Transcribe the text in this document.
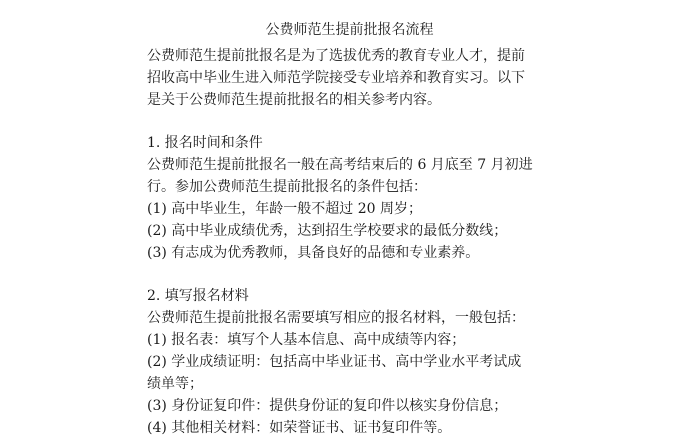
公费师范生提前批报名流程

公费师范生提前批报名是为了选拔优秀的教育专业人才，提前

招收高中毕业生进入师范学院接受专业培养和教育实习。以下

是关于公费师范生提前批报名的相关参考内容。

1. 报名时间和条件

公费师范生提前批报名一般在高考结束后的 6 月底至 7 月初进

行。参加公费师范生提前批报名的条件包括：

(1) 高中毕业生，年龄一般不超过 20 周岁；

(2) 高中毕业成绩优秀，达到招生学校要求的最低分数线；

(3) 有志成为优秀教师，具备良好的品德和专业素养。

2. 填写报名材料

公费师范生提前批报名需要填写相应的报名材料，一般包括：

(1) 报名表：填写个人基本信息、高中成绩等内容；

(2) 学业成绩证明：包括高中毕业证书、高中学业水平考试成

绩单等；

(3) 身份证复印件：提供身份证的复印件以核实身份信息；

(4) 其他相关材料：如荣誉证书、证书复印件等。
